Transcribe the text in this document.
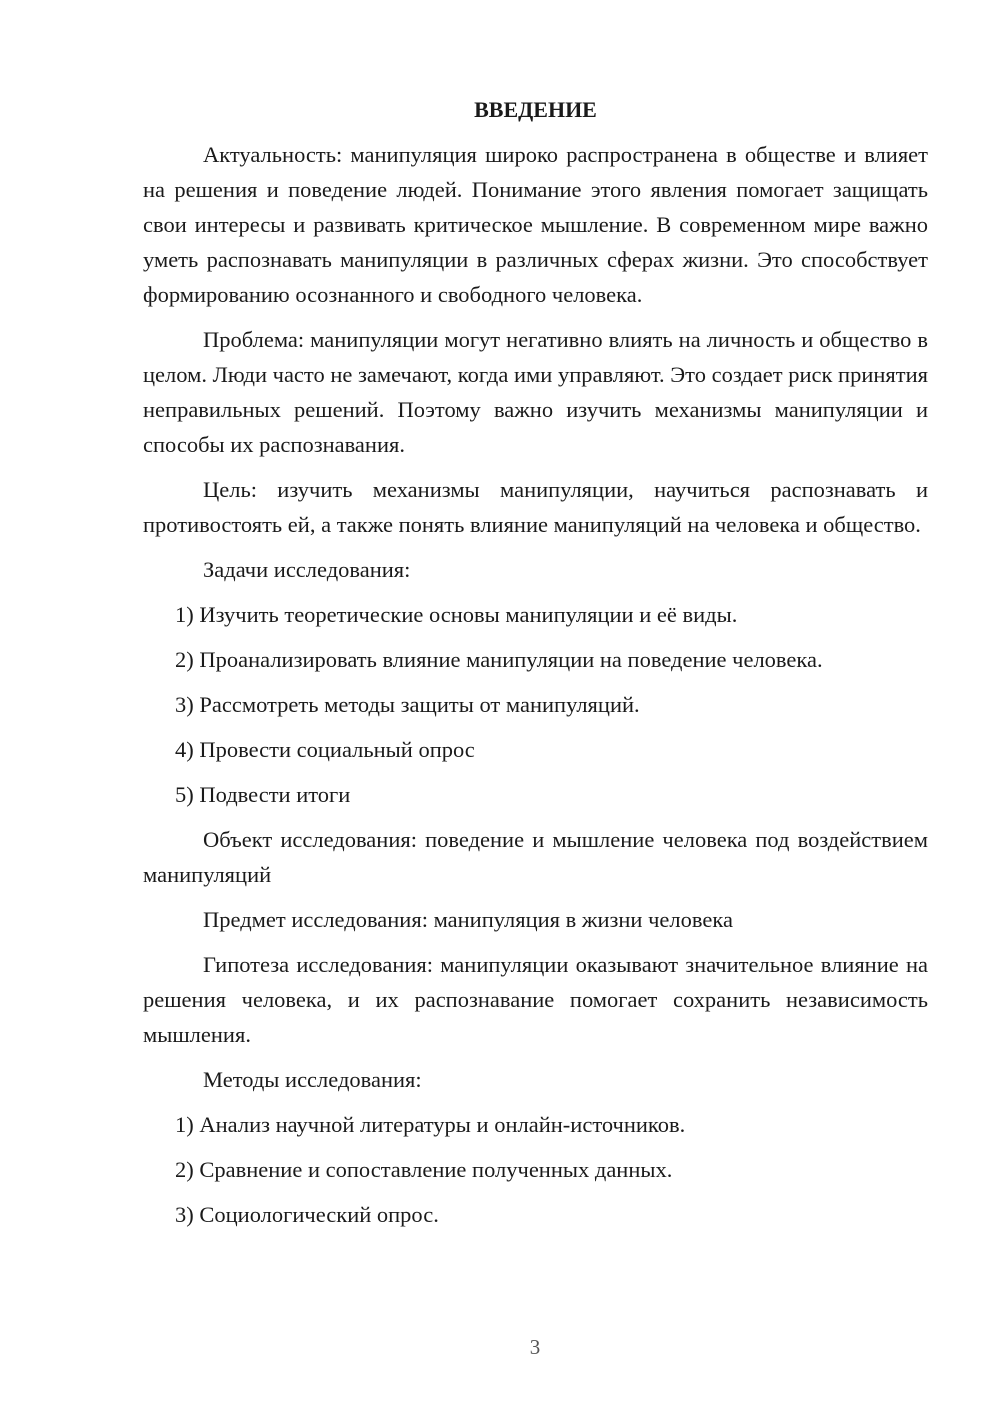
ВВЕДЕНИЕ

Актуальность: манипуляция широко распространена в обществе и влияет на решения и поведение людей. Понимание этого явления помогает защищать свои интересы и развивать критическое мышление. В современном мире важно уметь распознавать манипуляции в различных сферах жизни. Это способствует формированию осознанного и свободного человека.

Проблема: манипуляции могут негативно влиять на личность и общество в целом. Люди часто не замечают, когда ими управляют. Это создает риск принятия неправильных решений. Поэтому важно изучить механизмы манипуляции и способы их распознавания.

Цель: изучить механизмы манипуляции, научиться распознавать и противостоять ей, а также понять влияние манипуляций на человека и общество.

Задачи исследования:
1) Изучить теоретические основы манипуляции и её виды.
2) Проанализировать влияние манипуляции на поведение человека.
3) Рассмотреть методы защиты от манипуляций.
4) Провести социальный опрос
5) Подвести итоги

Объект исследования: поведение и мышление человека под воздействием манипуляций

Предмет исследования: манипуляция в жизни человека

Гипотеза исследования: манипуляции оказывают значительное влияние на решения человека, и их распознавание помогает сохранить независимость мышления.

Методы исследования:
1) Анализ научной литературы и онлайн-источников.
2) Сравнение и сопоставление полученных данных.
3) Социологический опрос.
3
